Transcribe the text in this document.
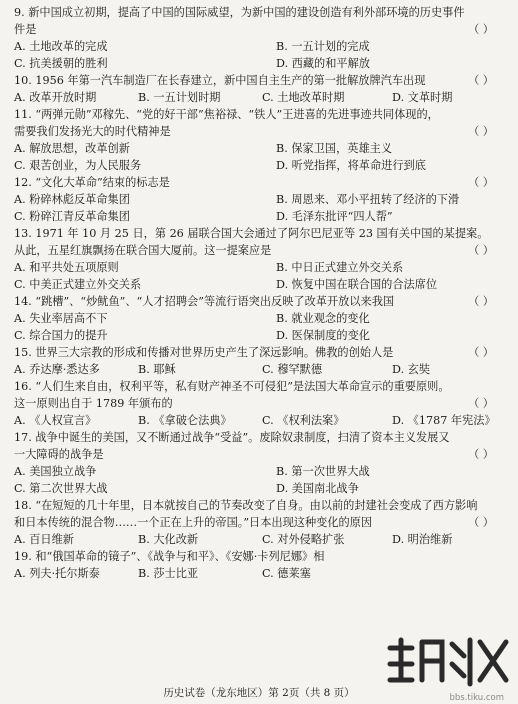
9. 新中国成立初期，提高了中国的国际威望，为新中国的建设创造有利外部环境的历史事件
件是	（ ）
A. 土地改革的完成	B. 一五计划的完成
C. 抗美援朝的胜利	D. 西藏的和平解放
10. 1956 年第一汽车制造厂在长春建立，新中国自主生产的第一批解放牌汽车出现	（ ）
A. 改革开放时期	B. 一五计划时期	C. 土地改革时期	D. 文革时期
11. “两弹元勋”邓稼先、“党的好干部”焦裕禄、“铁人”王进喜的先进事迹共同体现的，
需要我们发扬光大的时代精神是	（ ）
A. 解放思想，改革创新	B. 保家卫国，英雄主义
C. 艰苦创业，为人民服务	D. 听党指挥，将革命进行到底
12. “文化大革命”结束的标志是	（ ）
A. 粉碎林彪反革命集团	B. 周恩来、邓小平扭转了经济的下滑
C. 粉碎江青反革命集团	D. 毛泽东批评“四人帮”
13. 1971 年 10 月 25 日，第 26 届联合国大会通过了阿尔巴尼亚等 23 国有关中国的某提案。
从此，五星红旗飘扬在联合国大厦前。这一提案应是	（ ）
A. 和平共处五项原则	B. 中日正式建立外交关系
C. 中美正式建立外交关系	D. 恢复中国在联合国的合法席位
14. “跳槽”、“炒鱿鱼”、“人才招聘会”等流行语突出反映了改革开放以来我国	（ ）
A. 失业率居高不下	B. 就业观念的变化
C. 综合国力的提升	D. 医保制度的变化
15. 世界三大宗教的形成和传播对世界历史产生了深远影响。佛教的创始人是	（ ）
A. 乔达摩·悉达多	B. 耶稣	C. 穆罕默德	D. 玄奘
16. “人们生来自由，权利平等，私有财产神圣不可侵犯”是法国大革命宣示的重要原则。
这一原则出自于 1789 年颁布的	（ ）
A. 《人权宣言》	B. 《拿破仑法典》	C. 《权利法案》	D. 《1787 年宪法》
17. 战争中诞生的美国，又不断通过战争“受益”。废除奴隶制度，扫清了资本主义发展又
一大障碍的战争是	（ ）
A. 美国独立战争	B. 第一次世界大战
C. 第二次世界大战	D. 美国南北战争
18. “在短短的几十年里，日本就按自己的节奏改变了自身。由以前的封建社会变成了西方影响
和日本传统的混合物……一个正在上升的帝国。”日本出现这种变化的原因	（ ）
A. 百日维新	B. 大化改新	C. 对外侵略扩张	D. 明治维新
19. 和“俄国革命的镜子”、《战争与和平》、《安娜·卡列尼娜》相
A. 列夫·托尔斯泰	B. 莎士比亚	C. 德莱塞
历史试卷（龙东地区）第 2页（共 8 页）	bbs.tiku.com
